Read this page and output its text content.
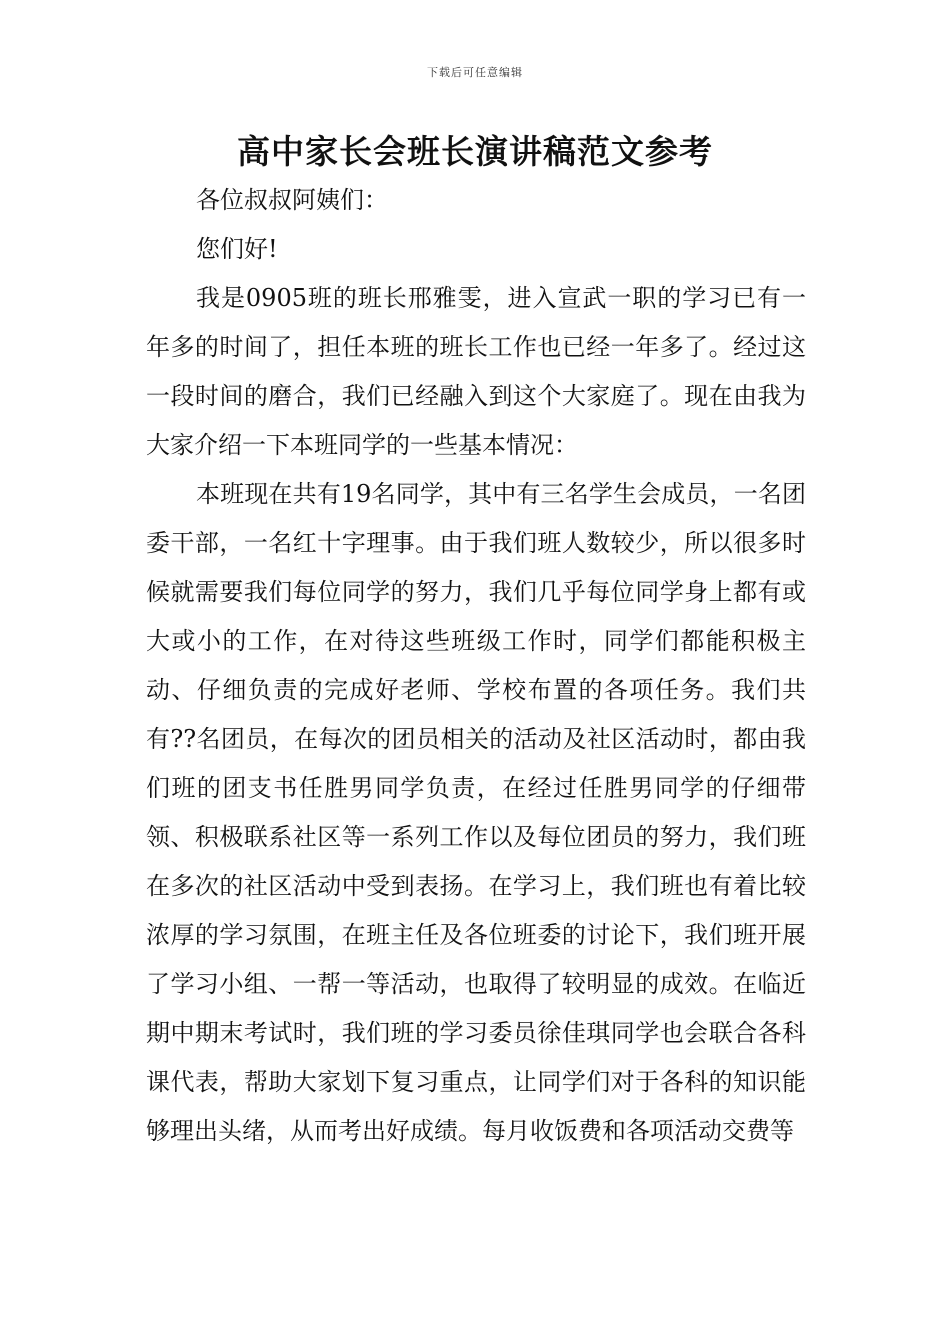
下载后可任意编辑
高中家长会班长演讲稿范文参考

各位叔叔阿姨们：

您们好!

我是0905班的班长邢雅雯，进入宣武一职的学习已有一年多的时间了，担任本班的班长工作也已经一年多了。经过这一段时间的磨合，我们已经融入到这个大家庭了。现在由我为大家介绍一下本班同学的一些基本情况：

本班现在共有19名同学，其中有三名学生会成员，一名团委干部，一名红十字理事。由于我们班人数较少，所以很多时候就需要我们每位同学的努力，我们几乎每位同学身上都有或大或小的工作，在对待这些班级工作时，同学们都能积极主动、仔细负责的完成好老师、学校布置的各项任务。我们共有??名团员，在每次的团员相关的活动及社区活动时，都由我们班的团支书任胜男同学负责，在经过任胜男同学的仔细带领、积极联系社区等一系列工作以及每位团员的努力，我们班在多次的社区活动中受到表扬。在学习上，我们班也有着比较浓厚的学习氛围，在班主任及各位班委的讨论下，我们班开展了学习小组、一帮一等活动，也取得了较明显的成效。在临近期中期末考试时，我们班的学习委员徐佳琪同学也会联合各科课代表，帮助大家划下复习重点，让同学们对于各科的知识能够理出头绪，从而考出好成绩。每月收饭费和各项活动交费等
